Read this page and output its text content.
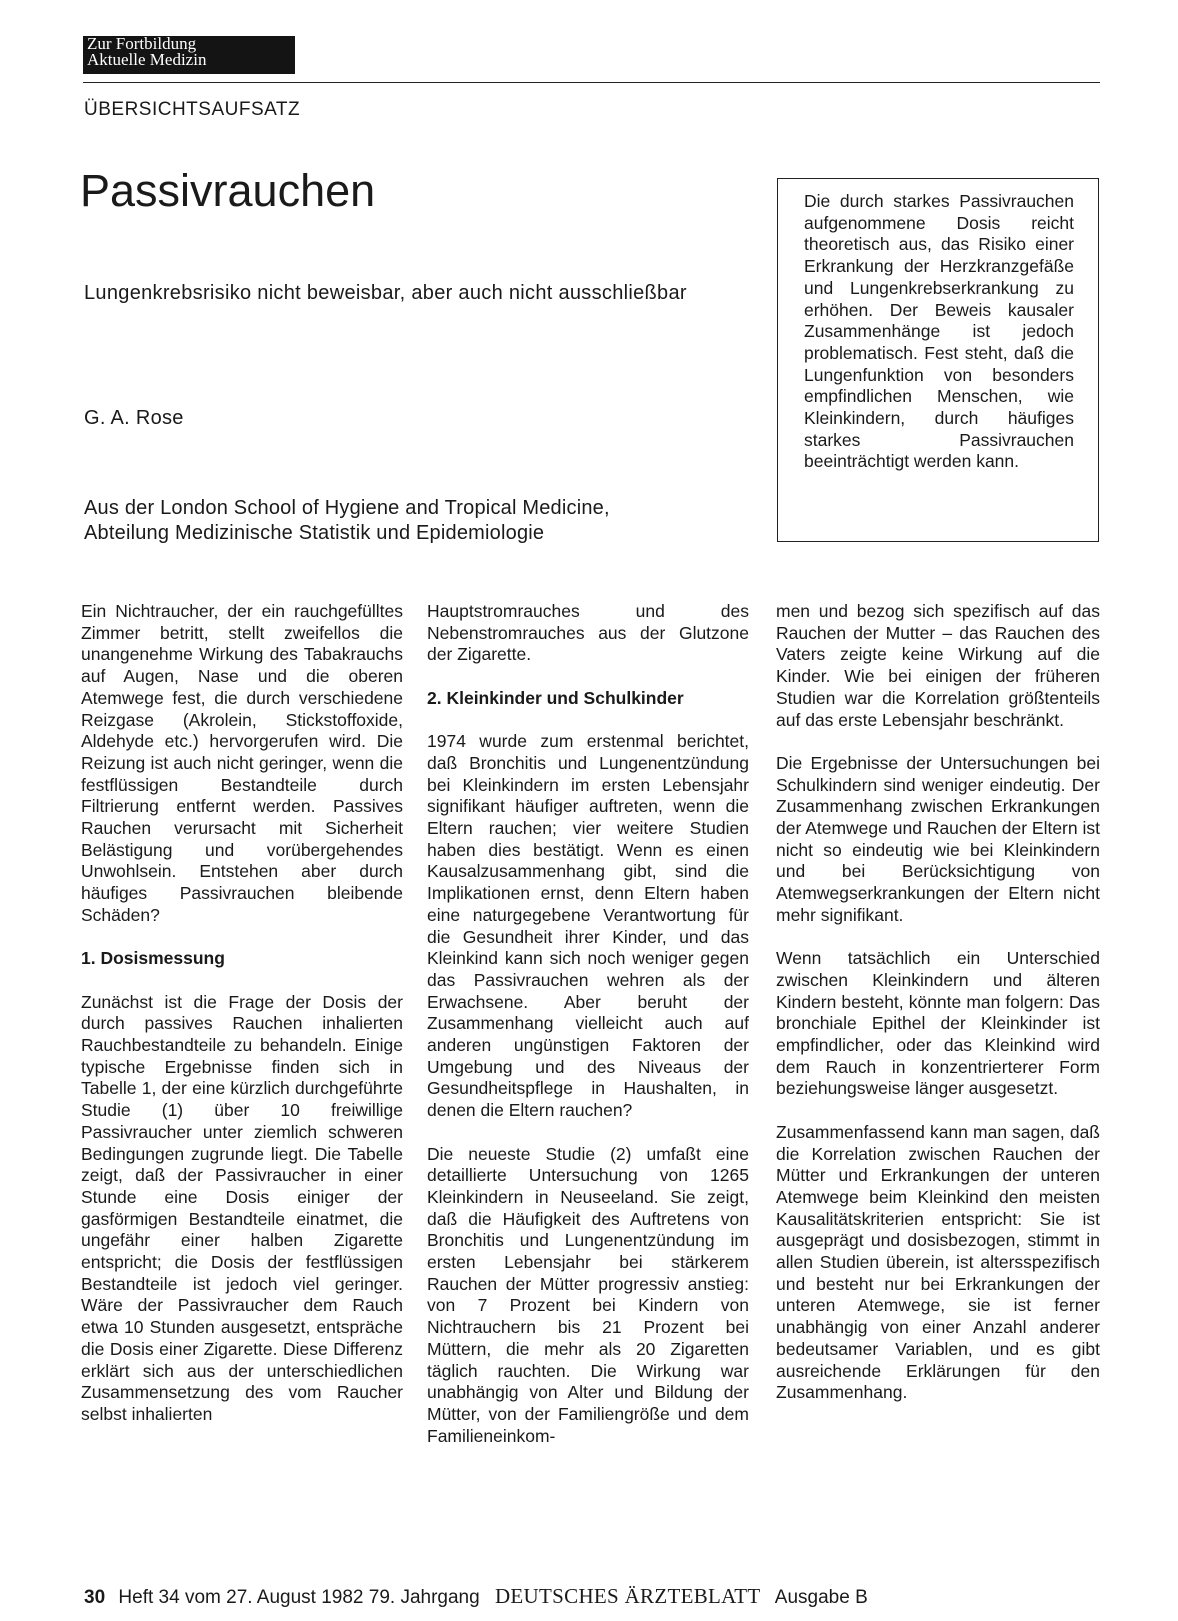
Zur Fortbildung
Aktuelle Medizin
ÜBERSICHTSAUFSATZ
Passivrauchen
Lungenkrebsrisiko nicht beweisbar, aber auch nicht ausschließbar
G. A. Rose
Aus der London School of Hygiene and Tropical Medicine,
Abteilung Medizinische Statistik und Epidemiologie
Die durch starkes Passivrauchen aufgenommene Dosis reicht theoretisch aus, das Risiko einer Erkrankung der Herzkranzgefäße und Lungenkrebserkrankung zu erhöhen. Der Beweis kausaler Zusammenhänge ist jedoch problematisch. Fest steht, daß die Lungenfunktion von besonders empfindlichen Menschen, wie Kleinkindern, durch häufiges starkes Passivrauchen beeinträchtigt werden kann.

Ein Nichtraucher, der ein rauchgefülltes Zimmer betritt, stellt zweifellos die unangenehme Wirkung des Tabakrauchs auf Augen, Nase und die oberen Atemwege fest, die durch verschiedene Reizgase (Akrolein, Stickstoffoxide, Aldehyde etc.) hervorgerufen wird. Die Reizung ist auch nicht geringer, wenn die festflüssigen Bestandteile durch Filtrierung entfernt werden. Passives Rauchen verursacht mit Sicherheit Belästigung und vorübergehendes Unwohlsein. Entstehen aber durch häufiges Passivrauchen bleibende Schäden?

1. Dosismessung

Zunächst ist die Frage der Dosis der durch passives Rauchen inhalierten Rauchbestandteile zu behandeln. Einige typische Ergebnisse finden sich in Tabelle 1, der eine kürzlich durchgeführte Studie (1) über 10 freiwillige Passivraucher unter ziemlich schweren Bedingungen zugrunde liegt. Die Tabelle zeigt, daß der Passivraucher in einer Stunde eine Dosis einiger der gasförmigen Bestandteile einatmet, die ungefähr einer halben Zigarette entspricht; die Dosis der festflüssigen Bestandteile ist jedoch viel geringer. Wäre der Passivraucher dem Rauch etwa 10 Stunden ausgesetzt, entspräche die Dosis einer Zigarette. Diese Differenz erklärt sich aus der unterschiedlichen Zusammensetzung des vom Raucher selbst inhalierten

Hauptstromrauches und des Nebenstromrauches aus der Glutzone der Zigarette.

2. Kleinkinder und Schulkinder

1974 wurde zum erstenmal berichtet, daß Bronchitis und Lungenentzündung bei Kleinkindern im ersten Lebensjahr signifikant häufiger auftreten, wenn die Eltern rauchen; vier weitere Studien haben dies bestätigt. Wenn es einen Kausalzusammenhang gibt, sind die Implikationen ernst, denn Eltern haben eine naturgegebene Verantwortung für die Gesundheit ihrer Kinder, und das Kleinkind kann sich noch weniger gegen das Passivrauchen wehren als der Erwachsene. Aber beruht der Zusammenhang vielleicht auch auf anderen ungünstigen Faktoren der Umgebung und des Niveaus der Gesundheitspflege in Haushalten, in denen die Eltern rauchen?

Die neueste Studie (2) umfaßt eine detaillierte Untersuchung von 1265 Kleinkindern in Neuseeland. Sie zeigt, daß die Häufigkeit des Auftretens von Bronchitis und Lungenentzündung im ersten Lebensjahr bei stärkerem Rauchen der Mütter progressiv anstieg: von 7 Prozent bei Kindern von Nichtrauchern bis 21 Prozent bei Müttern, die mehr als 20 Zigaretten täglich rauchten. Die Wirkung war unabhängig von Alter und Bildung der Mütter, von der Familiengröße und dem Familieneinkom-

men und bezog sich spezifisch auf das Rauchen der Mutter – das Rauchen des Vaters zeigte keine Wirkung auf die Kinder. Wie bei einigen der früheren Studien war die Korrelation größtenteils auf das erste Lebensjahr beschränkt.

Die Ergebnisse der Untersuchungen bei Schulkindern sind weniger eindeutig. Der Zusammenhang zwischen Erkrankungen der Atemwege und Rauchen der Eltern ist nicht so eindeutig wie bei Kleinkindern und bei Berücksichtigung von Atemwegserkrankungen der Eltern nicht mehr signifikant.

Wenn tatsächlich ein Unterschied zwischen Kleinkindern und älteren Kindern besteht, könnte man folgern: Das bronchiale Epithel der Kleinkinder ist empfindlicher, oder das Kleinkind wird dem Rauch in konzentrierterer Form beziehungsweise länger ausgesetzt.

Zusammenfassend kann man sagen, daß die Korrelation zwischen Rauchen der Mütter und Erkrankungen der unteren Atemwege beim Kleinkind den meisten Kausalitätskriterien entspricht: Sie ist ausgeprägt und dosisbezogen, stimmt in allen Studien überein, ist altersspezifisch und besteht nur bei Erkrankungen der unteren Atemwege, sie ist ferner unabhängig von einer Anzahl anderer bedeutsamer Variablen, und es gibt ausreichende Erklärungen für den Zusammenhang.

30 Heft 34 vom 27. August 1982 79. Jahrgang DEUTSCHES ÄRZTEBLATT Ausgabe B
